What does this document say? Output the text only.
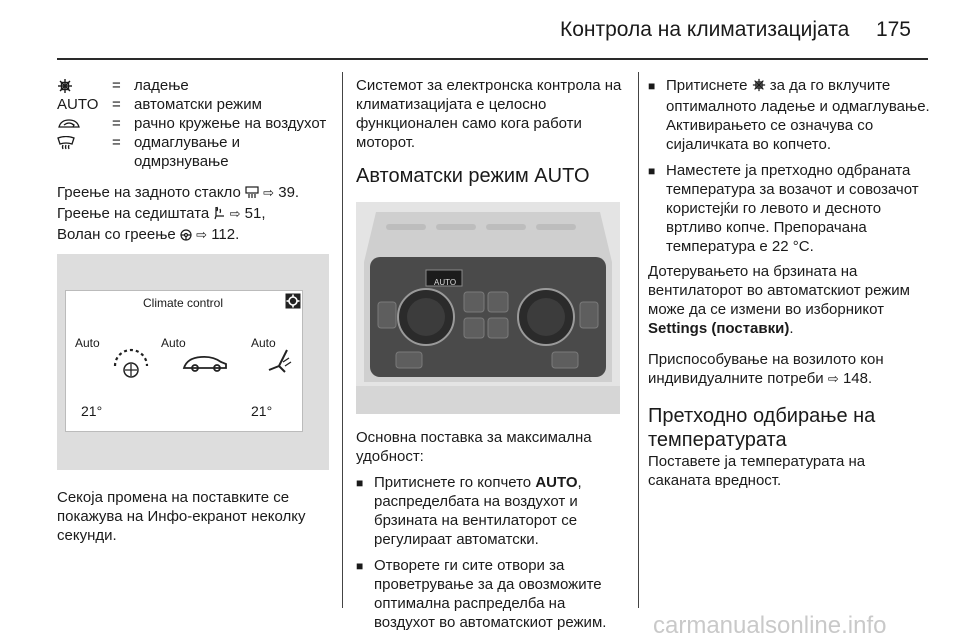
Контрола на климатизацијата 175
= ладење
AUTO = автоматски режим
= рачно кружење на воздухот
= одмаглување и одмрзнување

Греење на задното стакло ⇨ 39.
Греење на седиштата ⇨ 51,
Волан со греење ⇨ 112.

Climate control
Auto	Auto	Auto
21°	21°

Секоја промена на поставките се покажува на Инфо-екранот неколку секунди.

Системот за електронска контрола на климатизацијата е целосно функционален само кога работи моторот.

Автоматски режим AUTO
AUTO

Основна поставка за максимална удобност:

■ Притиснете го копчето AUTO, распределбата на воздухот и брзината на вентилаторот се регулираат автоматски.
■ Отворете ги сите отвори за проветрување за да овозможите оптимална распределба на воздухот во автоматскиот режим.
■ Притиснете  за да го вклучите оптималното ладење и одмаглување. Активирањето се означува со сијаличката во копчето.
■ Наместете ја претходно одбраната температура за возачот и совозачот користејќи го левото и десното вртливо копче. Препорачана температура е 22 °C.

Дотерувањето на брзината на вентилаторот во автоматскиот режим може да се измени во изборникот Settings (поставки).

Приспособување на возилото кон индивидуалните потреби ⇨ 148.

Претходно одбирање на температурата

Поставете ја температурата на саканата вредност.

carmanualsonline.info
